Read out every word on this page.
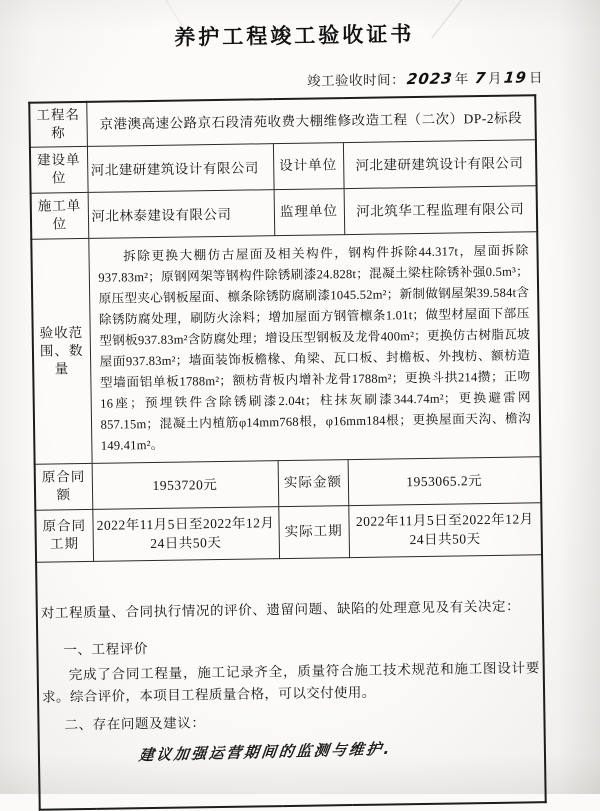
养护工程竣工验收证书
竣工验收时间：2023年 7月19日
工程名称	京港澳高速公路京石段清苑收费大棚维修改造工程（二次）DP-2标段		
建设单位	河北建研建筑设计有限公司	设计单位	河北建研建筑设计有限公司
施工单位	河北林泰建设有限公司	监理单位	河北筑华工程监理有限公司
验收范围、数量	拆除更换大棚仿古屋面及相关构件，钢构件拆除44.317t，屋面拆除937.83m²；原钢网架等钢构件除锈刷漆24.828t；混凝土梁柱除锈补强0.5m³；原压型夹心钢板屋面、檩条除锈防腐刷漆1045.52m²；新制做钢屋架39.584t含除锈防腐处理，刷防火涂料；增加屋面方钢管檩条1.01t；做型材屋面下部压型钢板937.83m²含防腐处理；增设压型钢板及龙骨400m²；更换仿古树脂瓦坡屋面937.83m²；墙面装饰板檐椽、角梁、瓦口板、封檐板、外拽枋、额枋造型墙面铝单板1788m²；额枋背板内增补龙骨1788m²；更换斗拱214攒；正吻16座；预埋铁件含除锈刷漆2.04t；柱抹灰刷漆344.74m²；更换避雷网857.15m；混凝土内植筋φ14mm768根，φ16mm184根；更换屋面天沟、檐沟149.41m²。		

原合同额	1953720元	实际金额	1953065.2元
原合同工期	2022年11月5日至2022年12月24日共50天	实际工期	2022年11月5日至2022年12月24日共50天

对工程质量、合同执行情况的评价、遗留问题、缺陷的处理意见及有关决定：

一、工程评价

完成了合同工程量，施工记录齐全，质量符合施工技术规范和施工图设计要求。综合评价，本项目工程质量合格，可以交付使用。

二、存在问题及建议：

建议加强运营期间的监测与维护.			
